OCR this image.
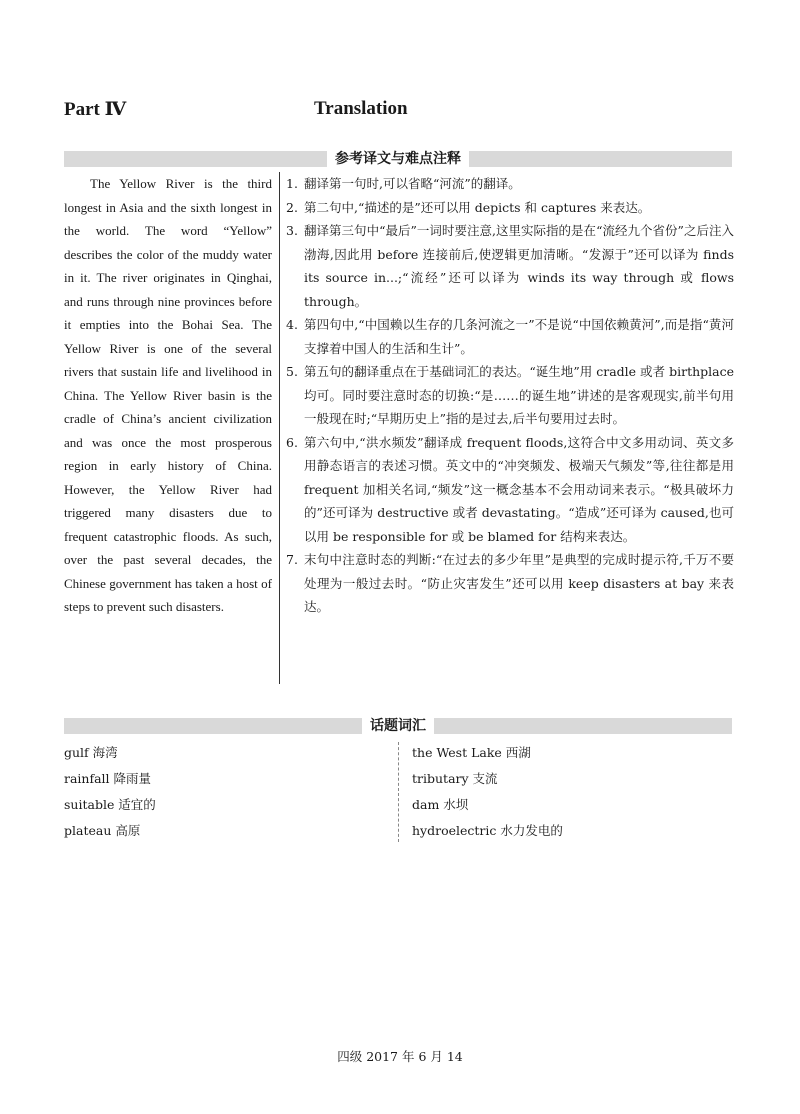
Part Ⅳ	Translation
参考译文与难点注释

The Yellow River is the third longest in Asia and the sixth longest in the world. The word “Yellow” describes the color of the muddy water in it. The river originates in Qinghai, and runs through nine provinces before it empties into the Bohai Sea. The Yellow River is one of the several rivers that sustain life and livelihood in China. The Yellow River basin is the cradle of China’s ancient civilization and was once the most prosperous region in early history of China. However, the Yellow River had triggered many disasters due to frequent catastrophic floods. As such, over the past several decades, the Chinese government has taken a host of steps to prevent such disasters.

1. 翻译第一句时,可以省略“河流”的翻译。
2. 第二句中,“描述的是”还可以用 depicts 和 captures 来表达。
3. 翻译第三句中“最后”一词时要注意,这里实际指的是在“流经九个省份”之后注入渤海,因此用 before 连接前后,使逻辑更加清晰。“发源于”还可以译为 finds its source in...;“流经”还可以译为 winds its way through 或 flows through。
4. 第四句中,“中国赖以生存的几条河流之一”不是说“中国依赖黄河”,而是指“黄河支撑着中国人的生活和生计”。
5. 第五句的翻译重点在于基础词汇的表达。“诞生地”用 cradle 或者 birthplace 均可。同时要注意时态的切换:“是……的诞生地”讲述的是客观现实,前半句用一般现在时;“早期历史上”指的是过去,后半句要用过去时。
6. 第六句中,“洪水频发”翻译成 frequent floods,这符合中文多用动词、英文多用静态语言的表述习惯。英文中的“冲突频发、极端天气频发”等,往往都是用 frequent 加相关名词,“频发”这一概念基本不会用动词来表示。“极具破坏力的”还可译为 destructive 或者 devastating。“造成”还可译为 caused,也可以用 be responsible for 或 be blamed for 结构来表达。
7. 末句中注意时态的判断:“在过去的多少年里”是典型的完成时提示符,千万不要处理为一般过去时。“防止灾害发生”还可以用 keep disasters at bay 来表达。
话题词汇
gulf 海湾
rainfall 降雨量
suitable 适宜的
plateau 高原
the West Lake 西湖
tributary 支流
dam 水坝
hydroelectric 水力发电的
四级 2017 年 6 月 14
